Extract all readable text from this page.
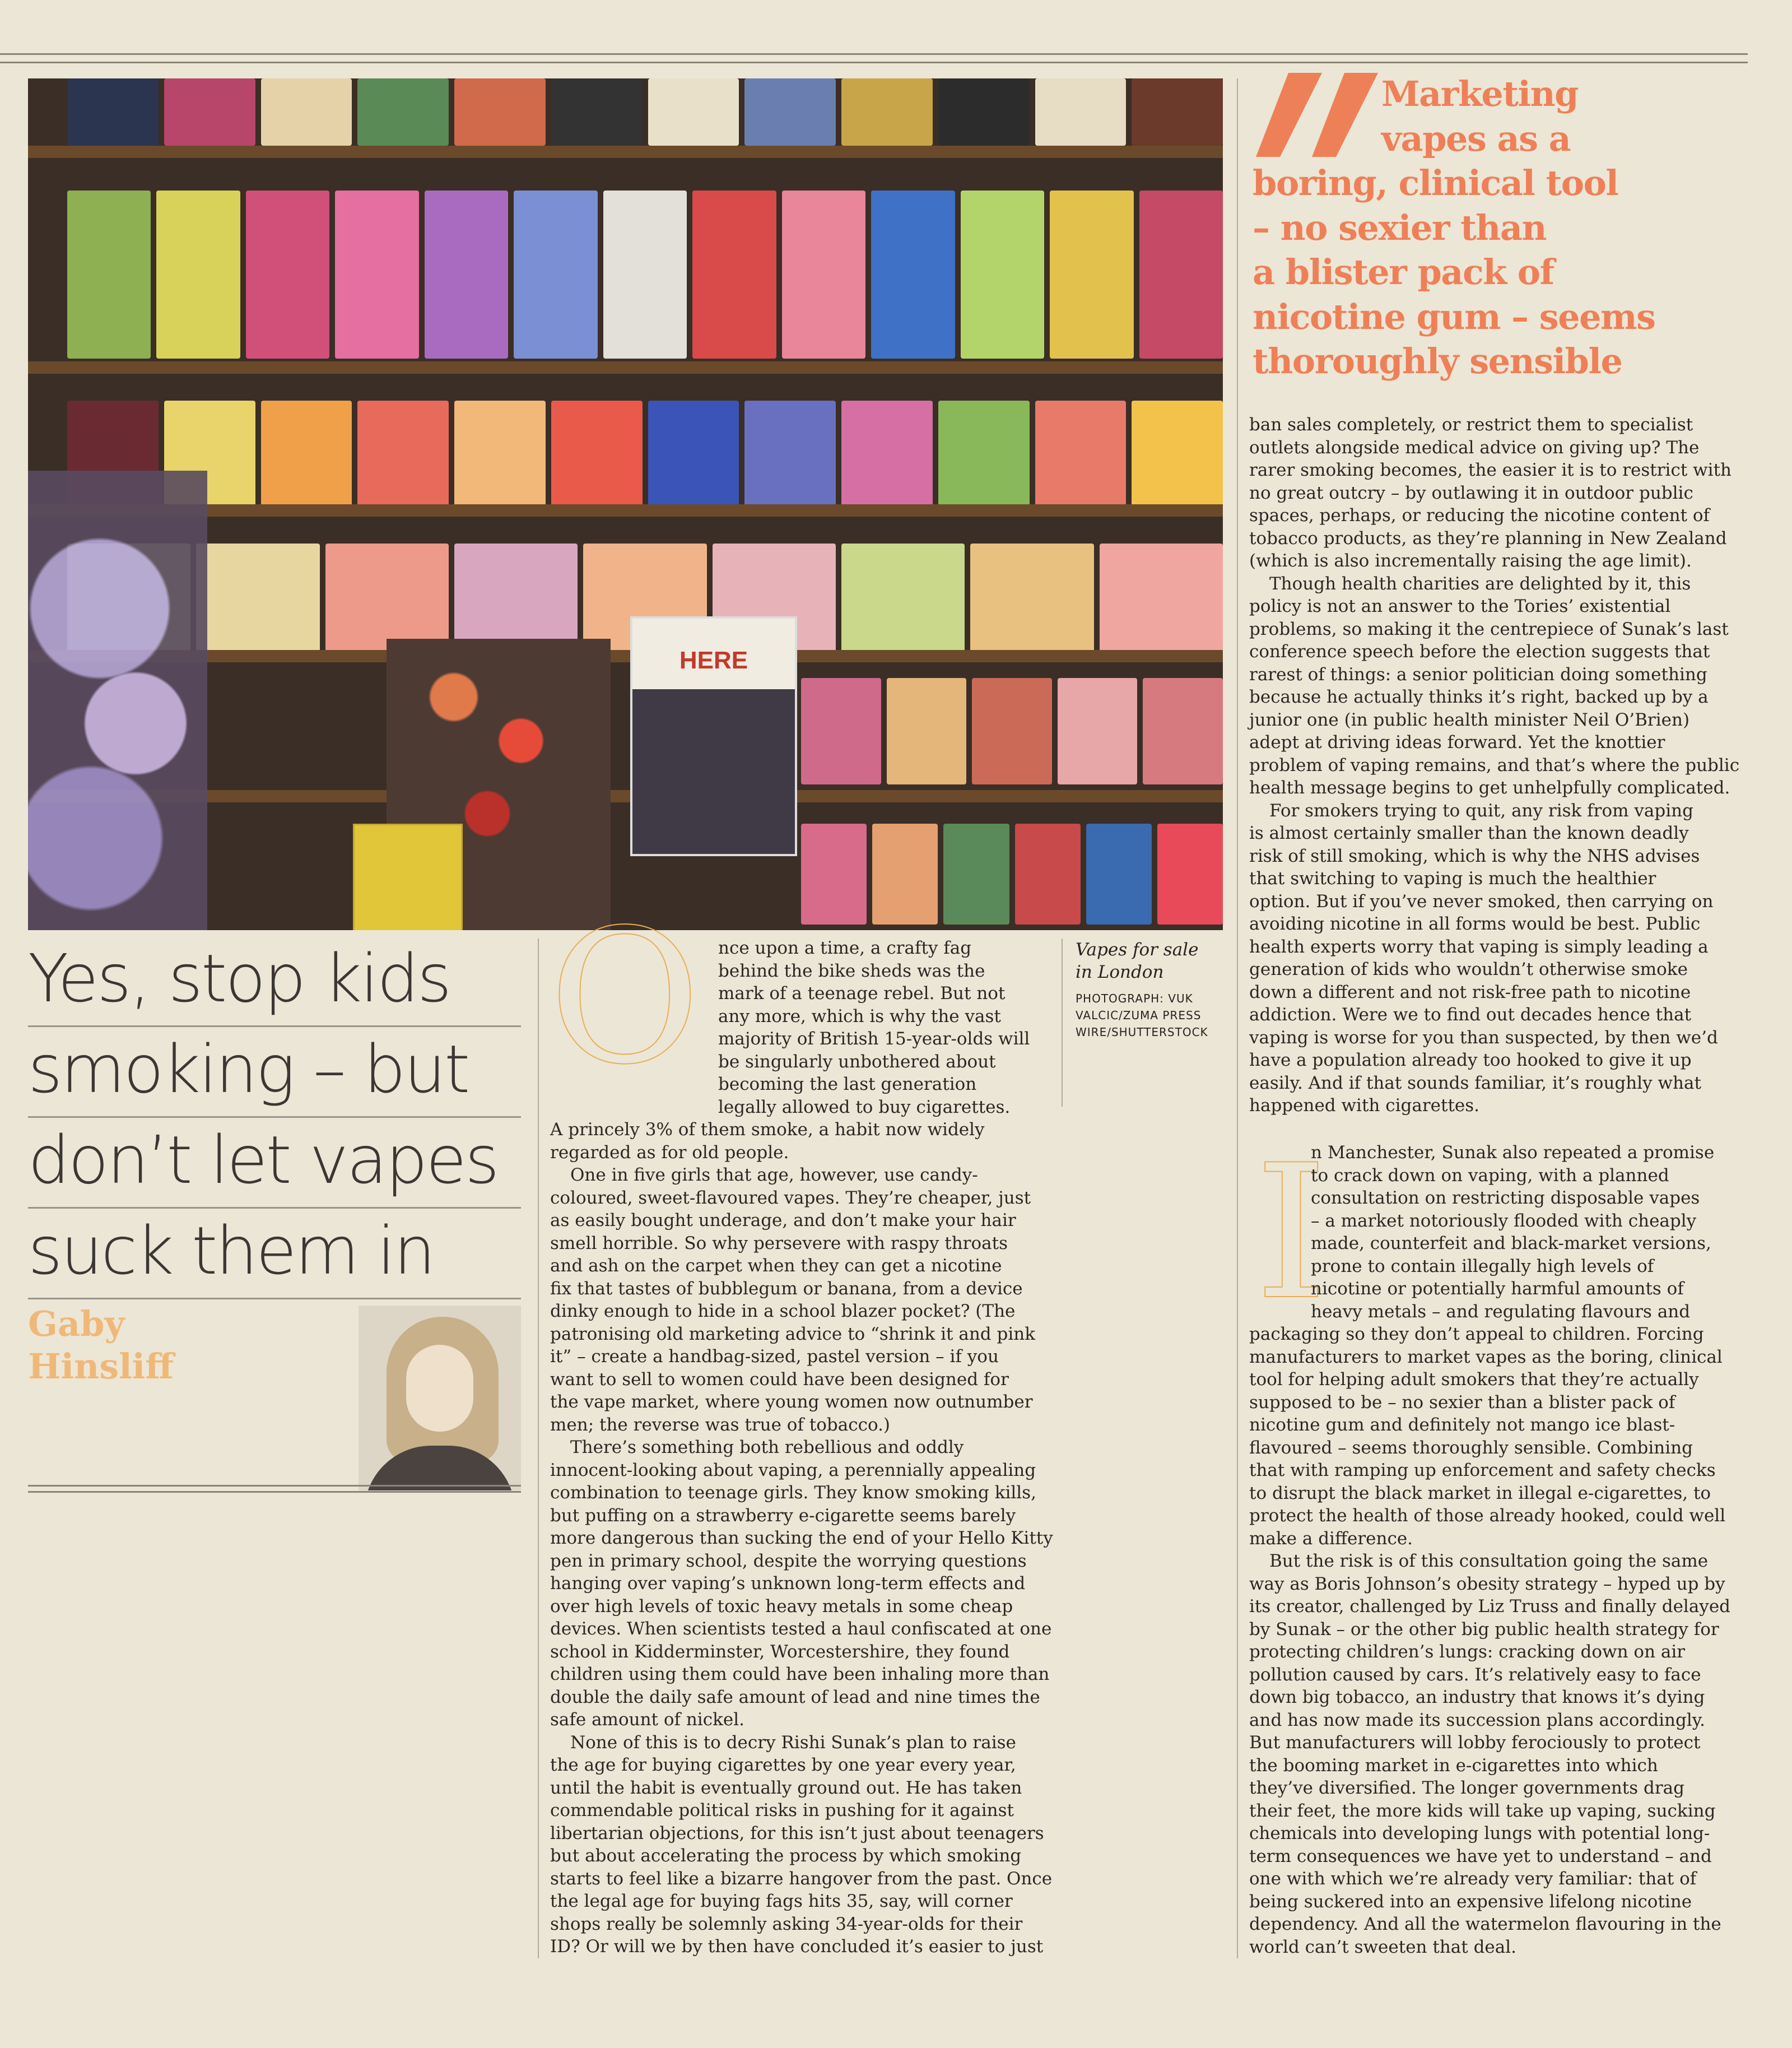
HERE
Yes, stop kids
smoking – but
don’t let vapes
suck them in
Gaby
Hinsliff
O	nce upon a time, a crafty fag
behind the bike sheds was the
mark of a teenage rebel. But not
any more, which is why the vast
majority of British 15-year-olds will
be singularly unbothered about
becoming the last generation
legally allowed to buy cigarettes.
A princely 3% of them smoke, a habit now widely
regarded as for old people.
One in five girls that age, however, use candy-
coloured, sweet-flavoured vapes. They’re cheaper, just
as easily bought underage, and don’t make your hair
smell horrible. So why persevere with raspy throats
and ash on the carpet when they can get a nicotine
fix that tastes of bubblegum or banana, from a device
dinky enough to hide in a school blazer pocket? (The
patronising old marketing advice to “shrink it and pink
it” – create a handbag-sized, pastel version – if you
want to sell to women could have been designed for
the vape market, where young women now outnumber
men; the reverse was true of tobacco.)
There’s something both rebellious and oddly
innocent-looking about vaping, a perennially appealing
combination to teenage girls. They know smoking kills,
but puffing on a strawberry e-cigarette seems barely
more dangerous than sucking the end of your Hello Kitty
pen in primary school, despite the worrying questions
hanging over vaping’s unknown long-term effects and
over high levels of toxic heavy metals in some cheap
devices. When scientists tested a haul confiscated at one
school in Kidderminster, Worcestershire, they found
children using them could have been inhaling more than
double the daily safe amount of lead and nine times the
safe amount of nickel.
None of this is to decry Rishi Sunak’s plan to raise
the age for buying cigarettes by one year every year,
until the habit is eventually ground out. He has taken
commendable political risks in pushing for it against
libertarian objections, for this isn’t just about teenagers
but about accelerating the process by which smoking
starts to feel like a bizarre hangover from the past. Once
the legal age for buying fags hits 35, say, will corner
shops really be solemnly asking 34-year-olds for their
ID? Or will we by then have concluded it’s easier to just
Vapes for sale
in London
PHOTOGRAPH: VUK
VALCIC/ZUMA PRESS
WIRE/SHUTTERSTOCK
Marketing
vapes as a
boring, clinical tool
– no sexier than
a blister pack of
nicotine gum – seems
thoroughly sensible
ban sales completely, or restrict them to specialist
outlets alongside medical advice on giving up? The
rarer smoking becomes, the easier it is to restrict with
no great outcry – by outlawing it in outdoor public
spaces, perhaps, or reducing the nicotine content of
tobacco products, as they’re planning in New Zealand
(which is also incrementally raising the age limit).
Though health charities are delighted by it, this
policy is not an answer to the Tories’ existential
problems, so making it the centrepiece of Sunak’s last
conference speech before the election suggests that
rarest of things: a senior politician doing something
because he actually thinks it’s right, backed up by a
junior one (in public health minister Neil O’Brien)
adept at driving ideas forward. Yet the knottier
problem of vaping remains, and that’s where the public
health message begins to get unhelpfully complicated.
For smokers trying to quit, any risk from vaping
is almost certainly smaller than the known deadly
risk of still smoking, which is why the NHS advises
that switching to vaping is much the healthier
option. But if you’ve never smoked, then carrying on
avoiding nicotine in all forms would be best. Public
health experts worry that vaping is simply leading a
generation of kids who wouldn’t otherwise smoke
down a different and not risk-free path to nicotine
addiction. Were we to find out decades hence that
vaping is worse for you than suspected, by then we’d
have a population already too hooked to give it up
easily. And if that sounds familiar, it’s roughly what
happened with cigarettes.
I
n Manchester, Sunak also repeated a promise
to crack down on vaping, with a planned
consultation on restricting disposable vapes
– a market notoriously flooded with cheaply
made, counterfeit and black-market versions,
prone to contain illegally high levels of
nicotine or potentially harmful amounts of
heavy metals – and regulating flavours and
packaging so they don’t appeal to children. Forcing
manufacturers to market vapes as the boring, clinical
tool for helping adult smokers that they’re actually
supposed to be – no sexier than a blister pack of
nicotine gum and definitely not mango ice blast-
flavoured – seems thoroughly sensible. Combining
that with ramping up enforcement and safety checks
to disrupt the black market in illegal e-cigarettes, to
protect the health of those already hooked, could well
make a difference.
But the risk is of this consultation going the same
way as Boris Johnson’s obesity strategy – hyped up by
its creator, challenged by Liz Truss and finally delayed
by Sunak – or the other big public health strategy for
protecting children’s lungs: cracking down on air
pollution caused by cars. It’s relatively easy to face
down big tobacco, an industry that knows it’s dying
and has now made its succession plans accordingly.
But manufacturers will lobby ferociously to protect
the booming market in e-cigarettes into which
they’ve diversified. The longer governments drag
their feet, the more kids will take up vaping, sucking
chemicals into developing lungs with potential long-
term consequences we have yet to understand – and
one with which we’re already very familiar: that of
being suckered into an expensive lifelong nicotine
dependency. And all the watermelon flavouring in the
world can’t sweeten that deal.
